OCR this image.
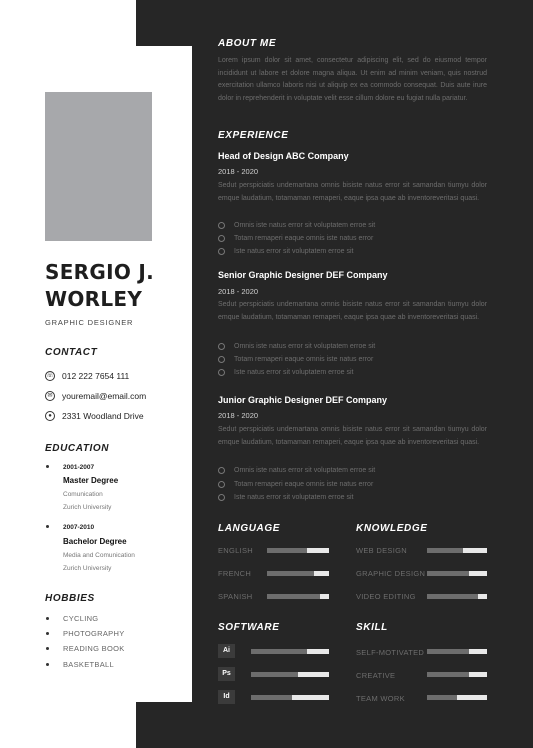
SERGIO J. WORLEY
GRAPHIC DESIGNER
CONTACT
☏ 012 222 7654 111
✉ youremail@email.com
●	2331 Woodland Drive
EDUCATION
2001-2007
Master Degree
Comunication
Zurich University
2007-2010
Bachelor Degree
Media and Comunication
Zurich University
HOBBIES
CYCLING
PHOTOGRAPHY
READING BOOK
BASKETBALL
ABOUT ME
Lorem ipsum dolor sit amet, consectetur adipiscing elit, sed do eiusmod tempor incididunt ut labore et dolore magna aliqua. Ut enim ad minim veniam, quis nostrud exercitation ullamco laboris nisi ut aliquip ex ea commodo consequat. Duis aute irure dolor in reprehenderit in voluptate velit esse cillum dolore eu fugiat nulla pariatur.
EXPERIENCE
Head of Design ABC Company
2018 - 2020
Sedut perspiciatis undemartana omnis bisiste natus error sit samandan tiumyu dolor emque laudatium, totamaman remaperi, eaque ipsa quae ab inventoreveritasi quasi.
Omnis iste natus error sit voluptatem erroe sit
Totam remaperi eaque omnis iste natus error
Iste natus error sit voluptatem erroe sit
Senior Graphic Designer DEF Company
2018 - 2020
Sedut perspiciatis undemartana omnis bisiste natus error sit samandan tiumyu dolor emque laudatium, totamaman remaperi, eaque ipsa quae ab inventoreveritasi quasi.
Omnis iste natus error sit voluptatem erroe sit
Totam remaperi eaque omnis iste natus error
Iste natus error sit voluptatem erroe sit
Junior Graphic Designer DEF Company
2018 - 2020
Sedut perspiciatis undemartana omnis bisiste natus error sit samandan tiumyu dolor emque laudatium, totamaman remaperi, eaque ipsa quae ab inventoreveritasi quasi.
Omnis iste natus error sit voluptatem erroe sit
Totam remaperi eaque omnis iste natus error
Iste natus error sit voluptatem erroe sit
LANGUAGE	KNOWLEDGE
ENGLISH
FRENCH
SPANISH
WEB DESIGN
GRAPHIC DESIGN
VIDEO EDITING
SOFTWARE	SKILL
Ai
Ps
Id
SELF-MOTIVATED
CREATIVE
TEAM WORK
